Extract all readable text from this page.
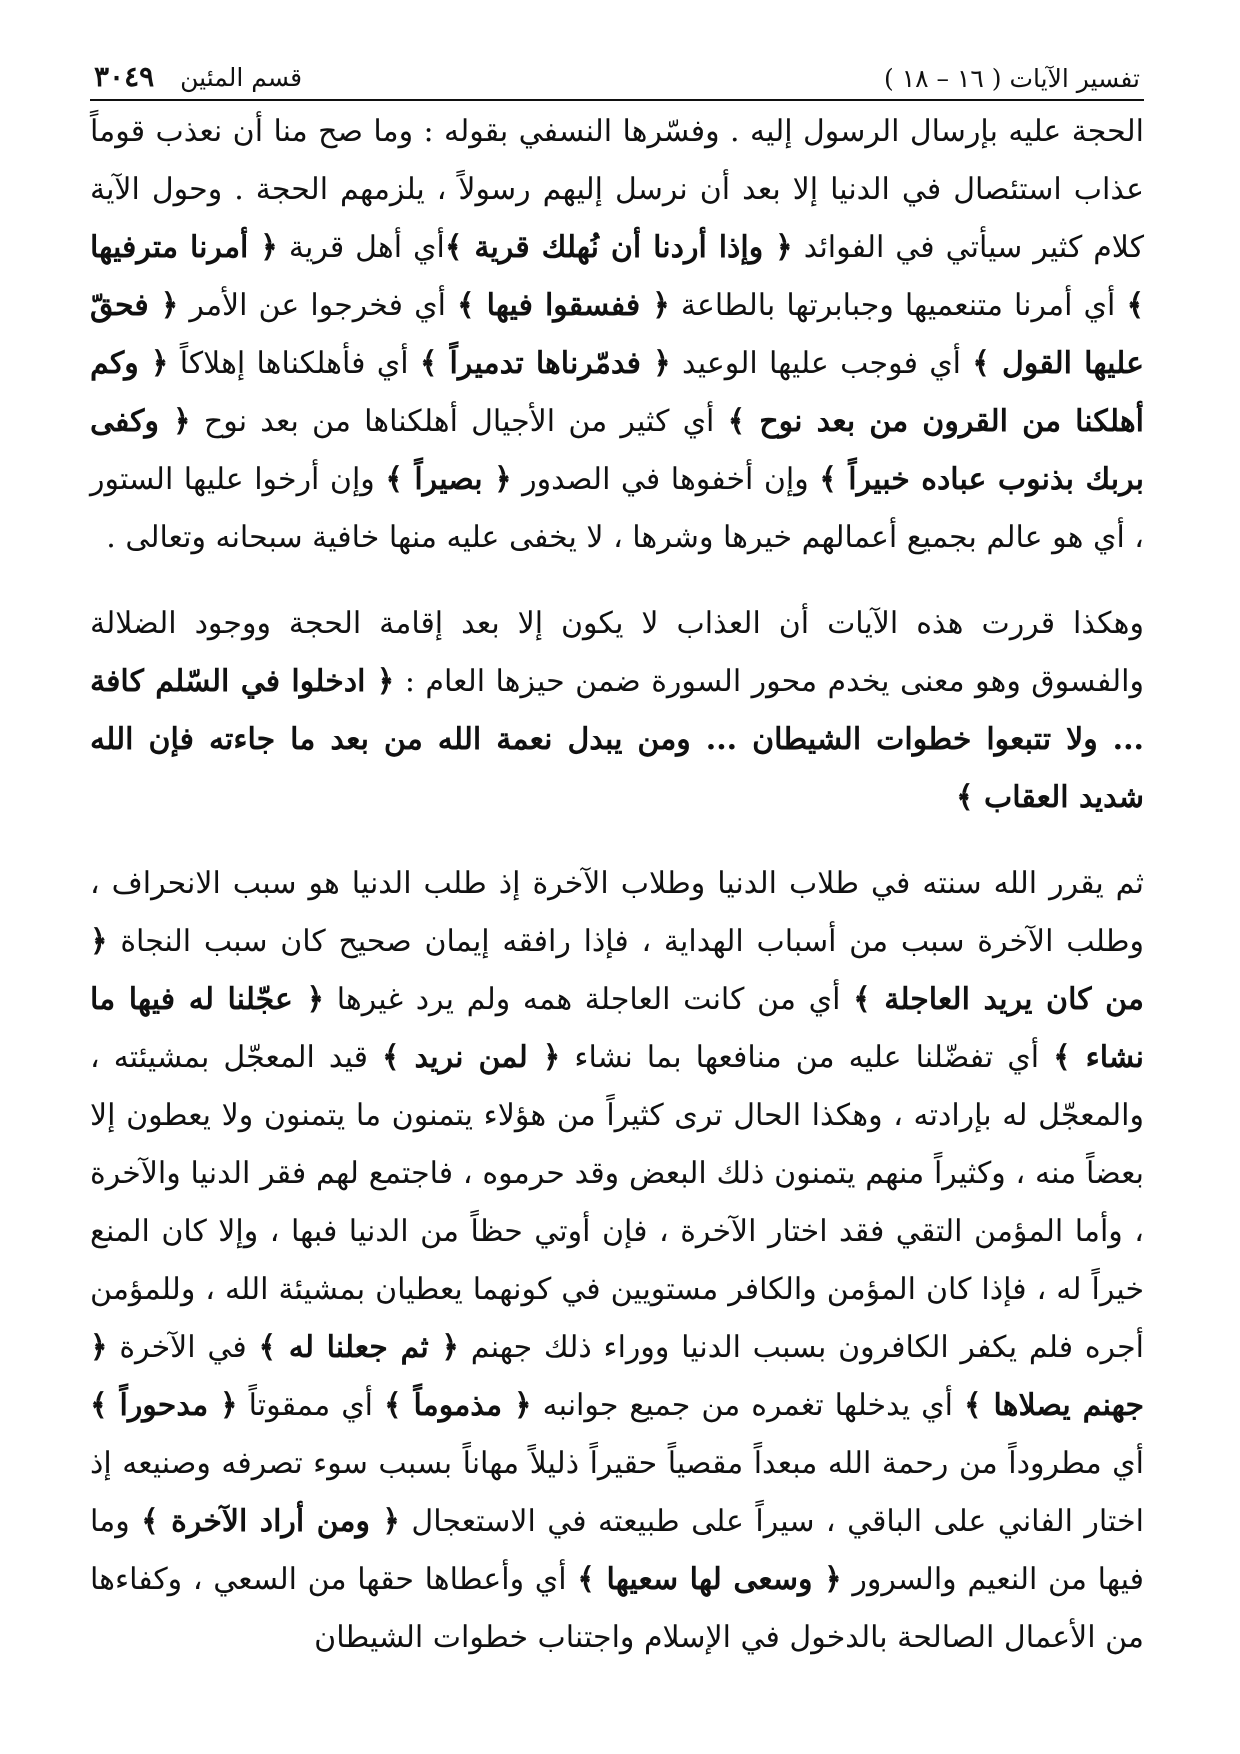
تفسير الآيات ( ١٦ – ١٨ )
قسم المئين
٣٠٤٩

الحجة عليه بإرسال الرسول إليه . وفسّرها النسفي بقوله : وما صح منا أن نعذب قوماً عذاب استئصال في الدنيا إلا بعد أن نرسل إليهم رسولاً ، يلزمهم الحجة . وحول الآية كلام كثير سيأتي في الفوائد ﴿ وإذا أردنا أن نُهلك قرية ﴾أي أهل قرية ﴿ أمرنا مترفيها ﴾ أي أمرنا متنعميها وجبابرتها بالطاعة ﴿ ففسقوا فيها ﴾ أي فخرجوا عن الأمر ﴿ فحقّ عليها القول ﴾ أي فوجب عليها الوعيد ﴿ فدمّرناها تدميراً ﴾ أي فأهلكناها إهلاكاً ﴿ وكم أهلكنا من القرون من بعد نوح ﴾ أي كثير من الأجيال أهلكناها من بعد نوح ﴿ وكفى بربك بذنوب عباده خبيراً ﴾ وإن أخفوها في الصدور ﴿ بصيراً ﴾ وإن أرخوا عليها الستور ، أي هو عالم بجميع أعمالهم خيرها وشرها ، لا يخفى عليه منها خافية سبحانه وتعالى .

وهكذا قررت هذه الآيات أن العذاب لا يكون إلا بعد إقامة الحجة ووجود الضلالة والفسوق وهو معنى يخدم محور السورة ضمن حيزها العام : ﴿ ادخلوا في السّلم كافة ... ولا تتبعوا خطوات الشيطان ... ومن يبدل نعمة الله من بعد ما جاءته فإن الله شديد العقاب ﴾

ثم يقرر الله سنته في طلاب الدنيا وطلاب الآخرة إذ طلب الدنيا هو سبب الانحراف ، وطلب الآخرة سبب من أسباب الهداية ، فإذا رافقه إيمان صحيح كان سبب النجاة ﴿ من كان يريد العاجلة ﴾ أي من كانت العاجلة همه ولم يرد غيرها ﴿ عجّلنا له فيها ما نشاء ﴾ أي تفضّلنا عليه من منافعها بما نشاء ﴿ لمن نريد ﴾ قيد المعجّل بمشيئته ، والمعجّل له بإرادته ، وهكذا الحال ترى كثيراً من هؤلاء يتمنون ما يتمنون ولا يعطون إلا بعضاً منه ، وكثيراً منهم يتمنون ذلك البعض وقد حرموه ، فاجتمع لهم فقر الدنيا والآخرة ، وأما المؤمن التقي فقد اختار الآخرة ، فإن أوتي حظاً من الدنيا فبها ، وإلا كان المنع خيراً له ، فإذا كان المؤمن والكافر مستويين في كونهما يعطيان بمشيئة الله ، وللمؤمن أجره فلم يكفر الكافرون بسبب الدنيا ووراء ذلك جهنم ﴿ ثم جعلنا له ﴾ في الآخرة ﴿ جهنم يصلاها ﴾ أي يدخلها تغمره من جميع جوانبه ﴿ مذموماً ﴾ أي ممقوتاً ﴿ مدحوراً ﴾ أي مطروداً من رحمة الله مبعداً مقصياً حقيراً ذليلاً مهاناً بسبب سوء تصرفه وصنيعه إذ اختار الفاني على الباقي ، سيراً على طبيعته في الاستعجال ﴿ ومن أراد الآخرة ﴾ وما فيها من النعيم والسرور ﴿ وسعى لها سعيها ﴾ أي وأعطاها حقها من السعي ، وكفاءها من الأعمال الصالحة بالدخول في الإسلام واجتناب خطوات الشيطان
